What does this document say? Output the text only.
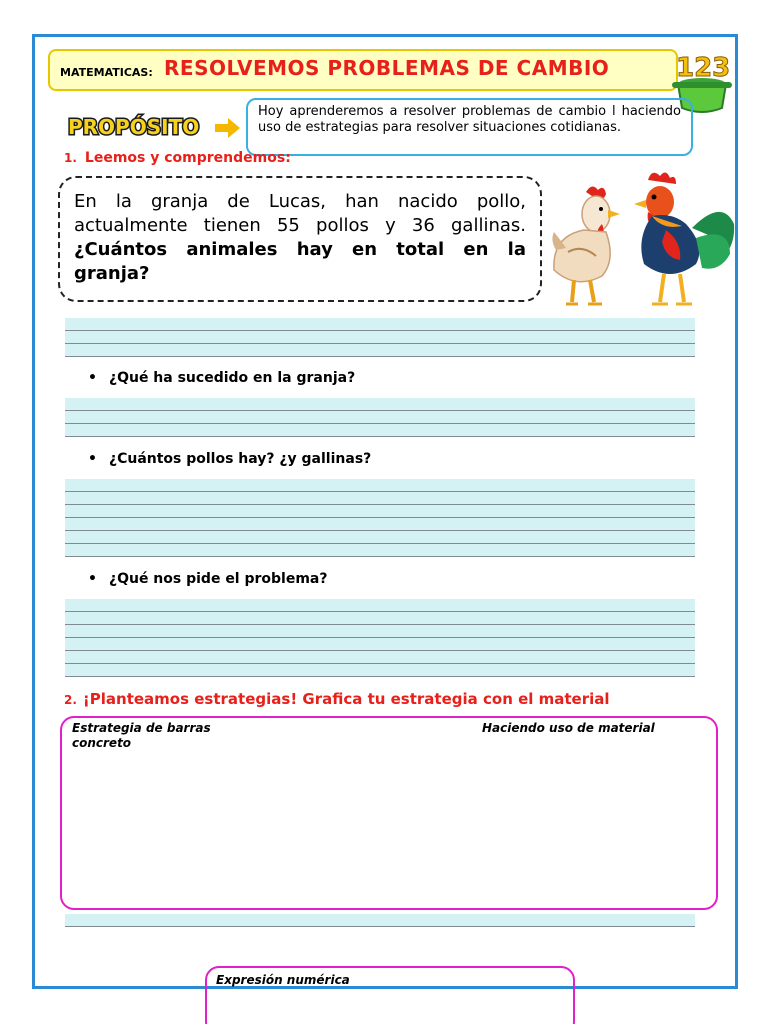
MATEMATICAS: RESOLVEMOS PROBLEMAS DE CAMBIO	123
PROPÓSITO
Hoy aprenderemos a resolver problemas de cambio l haciendo uso de estrategias para resolver situaciones cotidianas.
1. Leemos y comprendemos:
En la granja de Lucas, han nacido pollo, actualmente tienen 55 pollos y 36 gallinas. ¿Cuántos animales hay en total en la granja?
• ¿Qué ha sucedido en la granja?
• ¿Cuántos pollos hay? ¿y gallinas?
• ¿Qué nos pide el problema?
2. ¡Planteamos estrategias! Grafica tu estrategia con el material
Estrategia de barras concreto
Haciendo uso de material
Expresión numérica
